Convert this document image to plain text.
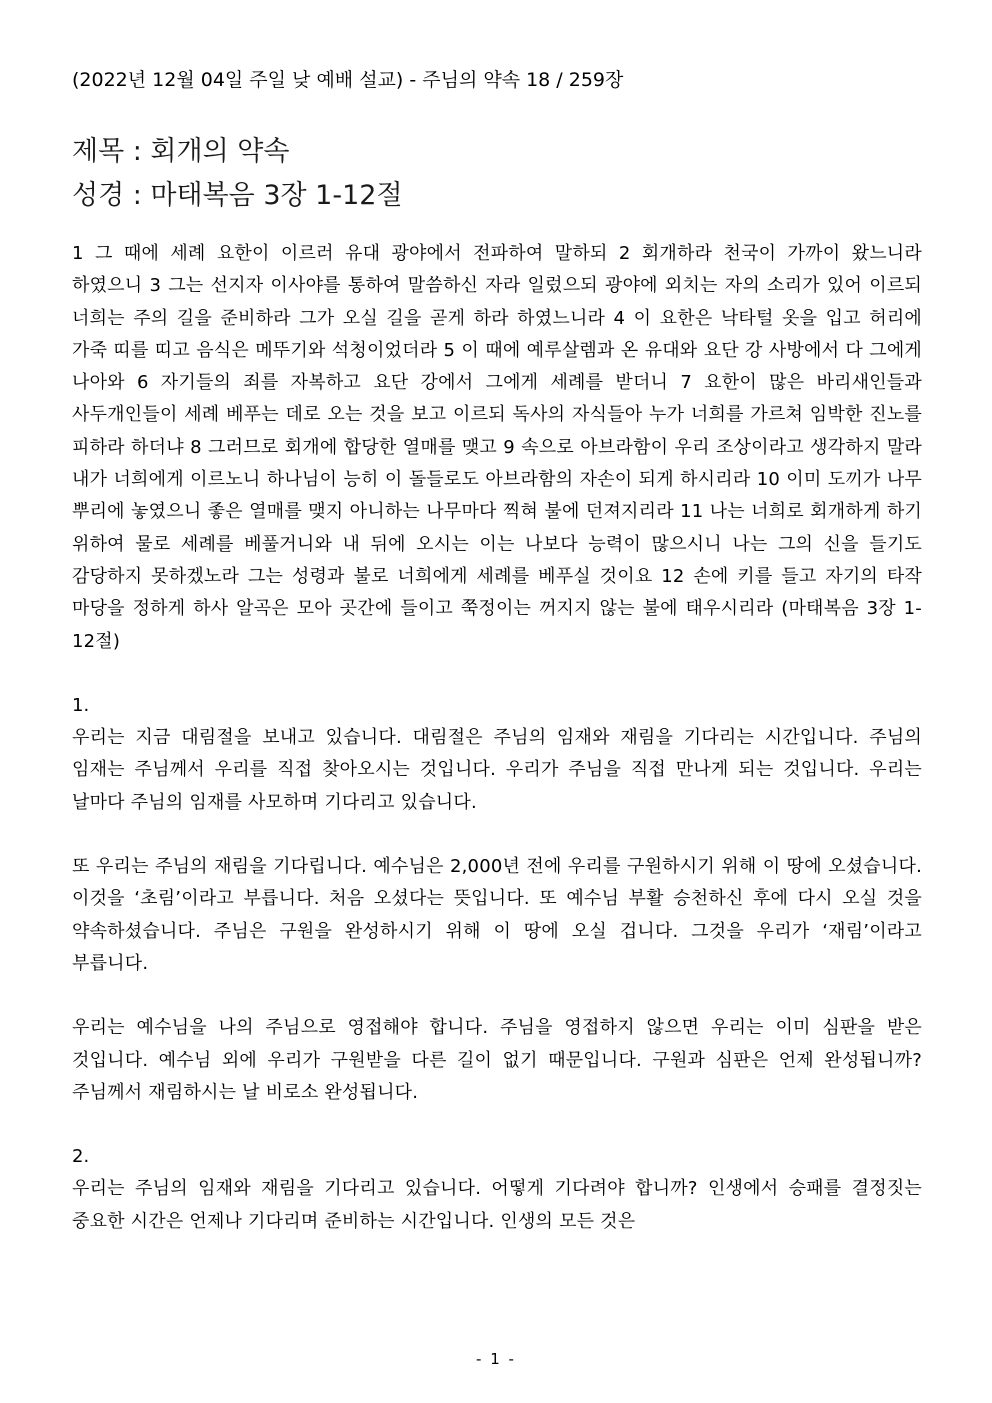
(2022년 12월 04일 주일 낮 예배 설교) - 주님의 약속 18 / 259장

제목 : 회개의 약속

성경 : 마태복음 3장 1-12절

1 그 때에 세례 요한이 이르러 유대 광야에서 전파하여 말하되 2 회개하라 천국이 가까이 왔느니라 하였으니 3 그는 선지자 이사야를 통하여 말씀하신 자라 일렀으되 광야에 외치는 자의 소리가 있어 이르되 너희는 주의 길을 준비하라 그가 오실 길을 곧게 하라 하였느니라 4 이 요한은 낙타털 옷을 입고 허리에 가죽 띠를 띠고 음식은 메뚜기와 석청이었더라 5 이 때에 예루살렘과 온 유대와 요단 강 사방에서 다 그에게 나아와 6 자기들의 죄를 자복하고 요단 강에서 그에게 세례를 받더니 7 요한이 많은 바리새인들과 사두개인들이 세례 베푸는 데로 오는 것을 보고 이르되 독사의 자식들아 누가 너희를 가르쳐 임박한 진노를 피하라 하더냐 8 그러므로 회개에 합당한 열매를 맺고 9 속으로 아브라함이 우리 조상이라고 생각하지 말라 내가 너희에게 이르노니 하나님이 능히 이 돌들로도 아브라함의 자손이 되게 하시리라 10 이미 도끼가 나무 뿌리에 놓였으니 좋은 열매를 맺지 아니하는 나무마다 찍혀 불에 던져지리라 11 나는 너희로 회개하게 하기 위하여 물로 세례를 베풀거니와 내 뒤에 오시는 이는 나보다 능력이 많으시니 나는 그의 신을 들기도 감당하지 못하겠노라 그는 성령과 불로 너희에게 세례를 베푸실 것이요 12 손에 키를 들고 자기의 타작 마당을 정하게 하사 알곡은 모아 곳간에 들이고 쭉정이는 꺼지지 않는 불에 태우시리라 (마태복음 3장 1-12절)

1.

우리는 지금 대림절을 보내고 있습니다. 대림절은 주님의 임재와 재림을 기다리는 시간입니다. 주님의 임재는 주님께서 우리를 직접 찾아오시는 것입니다. 우리가 주님을 직접 만나게 되는 것입니다. 우리는 날마다 주님의 임재를 사모하며 기다리고 있습니다.

또 우리는 주님의 재림을 기다립니다. 예수님은 2,000년 전에 우리를 구원하시기 위해 이 땅에 오셨습니다. 이것을 ‘초림’이라고 부릅니다. 처음 오셨다는 뜻입니다. 또 예수님 부활 승천하신 후에 다시 오실 것을 약속하셨습니다. 주님은 구원을 완성하시기 위해 이 땅에 오실 겁니다. 그것을 우리가 ‘재림’이라고 부릅니다.

우리는 예수님을 나의 주님으로 영접해야 합니다. 주님을 영접하지 않으면 우리는 이미 심판을 받은 것입니다. 예수님 외에 우리가 구원받을 다른 길이 없기 때문입니다. 구원과 심판은 언제 완성됩니까? 주님께서 재림하시는 날 비로소 완성됩니다.

2.

우리는 주님의 임재와 재림을 기다리고 있습니다. 어떻게 기다려야 합니까? 인생에서 승패를 결정짓는 중요한 시간은 언제나 기다리며 준비하는 시간입니다. 인생의 모든 것은

- 1 -
